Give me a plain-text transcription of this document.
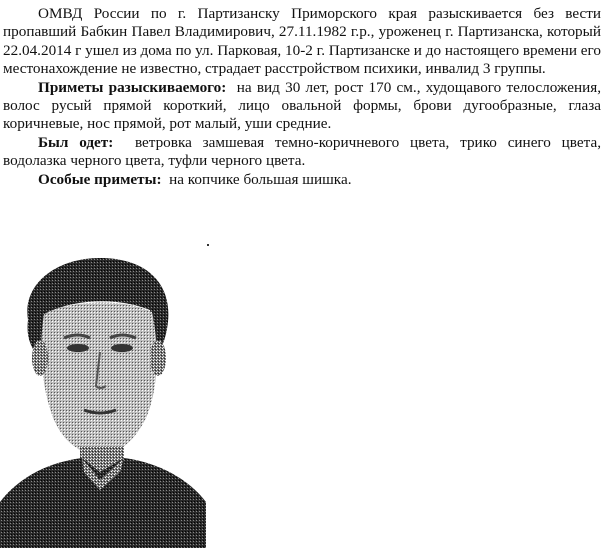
ОМВД России по г. Партизанску Приморского края разыскивается без вести пропавший Бабкин Павел Владимирович, 27.11.1982 г.р., уроженец г. Партизанска, который 22.04.2014 г ушел из дома по ул. Парковая, 10-2 г. Партизанске и до настоящего времени его местонахождение не известно, страдает расстройством психики, инвалид 3 группы.

Приметы разыскиваемого: на вид 30 лет, рост 170 см., худощавого телосложения, волос русый прямой короткий, лицо овальной формы, брови дугообразные, глаза коричневые, нос прямой, рот малый, уши средние.

Был одет: ветровка замшевая темно-коричневого цвета, трико синего цвета, водолазка черного цвета, туфли черного цвета.

Особые приметы: на копчике большая шишка.
